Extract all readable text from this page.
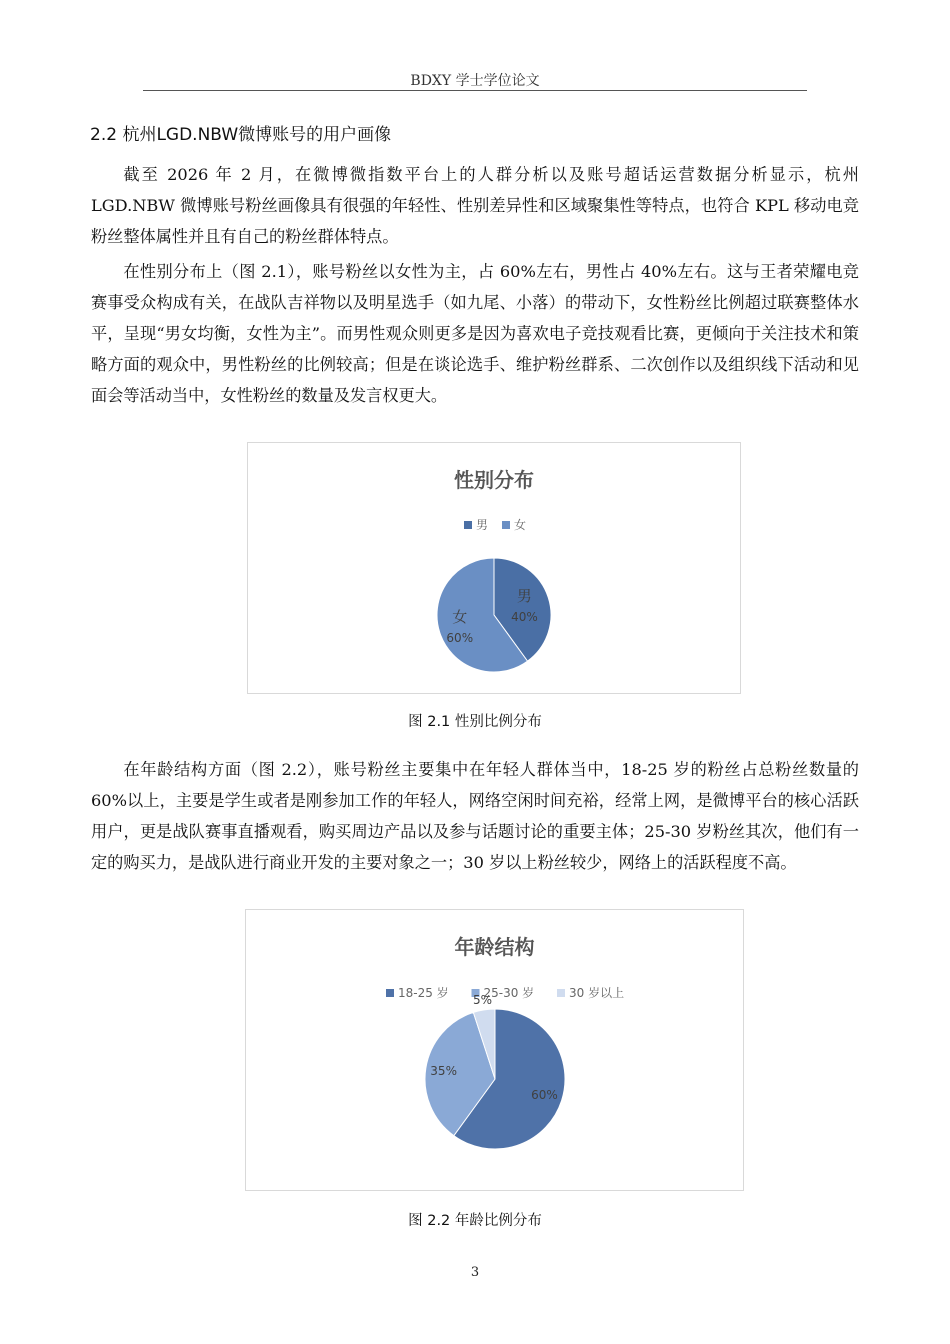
BDXY 学士学位论文
2.2 杭州LGD.NBW微博账号的用户画像

截至 2026 年 2 月，在微博微指数平台上的人群分析以及账号超话运营数据分析显示，杭州 LGD.NBW 微博账号粉丝画像具有很强的年轻性、性别差异性和区域聚集性等特点，也符合 KPL 移动电竞粉丝整体属性并且有自己的粉丝群体特点。

在性别分布上（图 2.1），账号粉丝以女性为主，占 60%左右，男性占 40%左右。这与王者荣耀电竞赛事受众构成有关，在战队吉祥物以及明星选手（如九尾、小落）的带动下，女性粉丝比例超过联赛整体水平，呈现“男女均衡，女性为主”。而男性观众则更多是因为喜欢电子竞技观看比赛，更倾向于关注技术和策略方面的观众中，男性粉丝的比例较高；但是在谈论选手、维护粉丝群系、二次创作以及组织线下活动和见面会等活动当中，女性粉丝的数量及发言权更大。

性别分布
男 女
男
40%
女
60%
图 2.1 性别比例分布

在年龄结构方面（图 2.2），账号粉丝主要集中在年轻人群体当中，18-25 岁的粉丝占总粉丝数量的 60%以上，主要是学生或者是刚参加工作的年轻人，网络空闲时间充裕，经常上网，是微博平台的核心活跃用户，更是战队赛事直播观看，购买周边产品以及参与话题讨论的重要主体；25-30 岁粉丝其次，他们有一定的购买力，是战队进行商业开发的主要对象之一；30 岁以上粉丝较少，网络上的活跃程度不高。

年龄结构
18-25 岁	25-30 岁	30 岁以上
60%
35%
5%
图 2.2 年龄比例分布
3
